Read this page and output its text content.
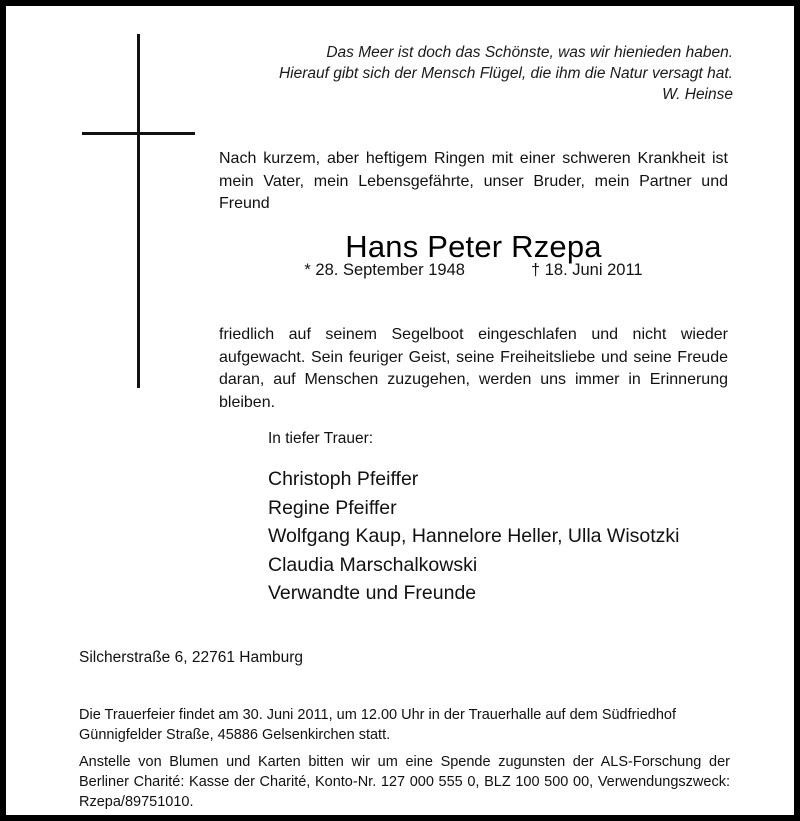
Das Meer ist doch das Schönste, was wir hienieden haben.
Hierauf gibt sich der Mensch Flügel, die ihm die Natur versagt hat.
W. Heinse

Nach kurzem, aber heftigem Ringen mit einer schweren Krankheit ist mein Vater, mein Lebensgefährte, unser Bruder, mein Partner und Freund

Hans Peter Rzepa
* 28. September 1948	† 18. Juni 2011

friedlich auf seinem Segelboot eingeschlafen und nicht wieder aufgewacht. Sein feuriger Geist, seine Freiheitsliebe und seine Freude daran, auf Menschen zuzugehen, werden uns immer in Erinnerung bleiben.

In tiefer Trauer:
Christoph Pfeiffer
Regine Pfeiffer
Wolfgang Kaup, Hannelore Heller, Ulla Wisotzki
Claudia Marschalkowski
Verwandte und Freunde
Silcherstraße 6, 22761 Hamburg

Die Trauerfeier findet am 30. Juni 2011, um 12.00 Uhr in der Trauerhalle auf dem Südfriedhof Günnigfelder Straße, 45886 Gelsenkirchen statt.

Anstelle von Blumen und Karten bitten wir um eine Spende zugunsten der ALS-Forschung der Berliner Charité: Kasse der Charité, Konto-Nr. 127 000 555 0, BLZ 100 500 00, Verwendungszweck: Rzepa/89751010.
